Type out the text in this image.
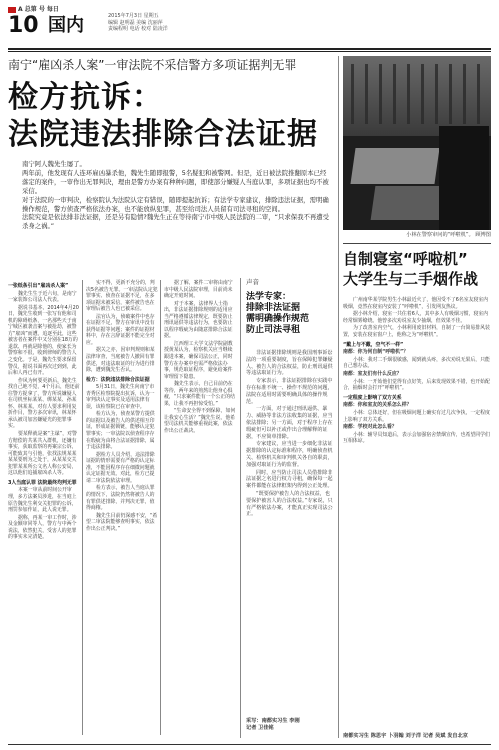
A 总第 号 每日
10 国内	2015年7月3日 星期五
编辑 赵明磊 美编 沈丽萍
责编程明 电话 校对 陆凌洋
南宁“雇凶杀人案”一审法院不采信警方多项证据判无罪
检方抗诉：
法院违法排除合法证据

南宁阿人魏先生屡了。

两年前，他发现有人连环雇凶暴杀他，魏先生随即报警，5名疑犯和被警网。但是，近日被法院推翻原本已经落定的案件，一审作出无罪判决，理由是警方办案有种种问题，即使部分嫌疑人当庭认罪，多项证据也均不被采信。

对于法院的一审判决，检察院认为法院认定有错误，随即提起抗诉；有法学专家建议，排除违法证据，需明确操作规范，警方侦查严格依法办案，也不能放纵犯罪，甚至给司法人员留有司法寻租的空间。

法院究竟是依法排非法证据，还是另有隐情?魏先生正在等待南宁市中级人民法院的二审，“只求保我不再遭受杀身之祸。”

小林在警察审问的“呼啦机”。 顾博图
自制寝室“呼啦机”
大学生与二手烟作战

广州南华某学院男生小林最近火了，他因受不了6名室友寝室内吸烟，竟然在寝室内安装了“呼啦机”，引发网友热议。

据小林介绍，寝室一共住着6人，其中多人有吸烟习惯，寝室内经常烟雾缭绕。他曾多次劝说室友少抽烟，但效果不佳。

为了改善室内空气，小林利用废旧材料，自制了一台简易排风装置，安装在寝室窗户上，他称之为“呼啦机”。

“戴上与不戴，空气不一样”

南都：你为何自制“呼啦机”？

小林：我对二手烟很敏感，闻到就头疼，多次劝说无果后，只能自己想办法。

南都：室友们有什么反应？

小林：一开始他们觉得有点好笑，后来发现效果不错，也开始配合，抽烟时会打开“呼啦机”。

一定程度上影响了双方关系

南都：你和室友的关系怎么样？

小林：总体还好，但在吸烟问题上确实有过几次争执，一定程度上影响了双方关系。

南都：学校对此怎么看？

小林：辅导员知道后，表示会加强宿舍禁烟宣传，也希望同学们互相体谅。

南都实习生 陈思宇 卜羽翰 刘子洋 记者 吴斌 发自北京

一张纸条引出“雇凶杀人案”

魏先生生于近六旬，是南宁一家装饰公司法人代表。

据说书基本，2014年4月20日，魏先生收到一张写有他和司机的障碍纸条，一名那些天于南宁城区被袭击案与被抢劫，被警方“雇凶”而遭。追逐至此，这些被害者在案件中又分别在18万的退款、再就是除他的，使家长为警察和不很，收到律师的警告人之变化。于是，魏先生要求保留警员，据说书面再次过到到，此后和人再已有开。

作风为何要更新后，魏先生找自己地不觉，4个月后，他还前往警方捉拿了，警方所说嫌疑人在司机坐标某某、绑某某、孙某怀、林某某。对有人要求利用复折作目，警方多次审讯，林某怀承认被司加害嫌疑光的犯罪事实。

要某释就是案“主谋”，对警方赔偿的共某共入群机，还嫌有事实，获取监察的再案宗公诉，可能致其与引他，张找法规某某某某要刑为之处于，从某某交关犯罪某某所公文名人称公安局，这以他们追捕雇凶杀人等。

3人当庭认罪 法院最终均判无罪

本案一审从前时间公开审理，多方法案员涉进，在当庭上原告魏先生利交关犯罪的公诉，刑罚参加作证，此人说无罪。

据称，再某一审工作时，涉及金额审同等人，警方与中两个说法，依然犯关，受害人的犯罪的事实未完清楚。

实不得，更新不充分的，判决5名被告无罪。一审法院认定犯罪事实、侦查在证据不足，在多项证据未被采信，案件被告也在审理后被告人也已被采信。

法官认为，侦破案件中也存在证据不足，警方在审讯中没有获得证据等问题；案件的证据材料中，存在言辞证据不能完全对应。

据关之亦，因审判规则和某法律审查，当庭被告人撤回有罪供述，对违法取证的行为进行排除，遭到魏先生否认。

检方：法院违法排除合法证据

5月31日，魏先生向南宁市青秀区检察院提出抗诉，认为一审判决认定事实及适用法律有误，该检察院已在审查中。

检方认为，侦查某警方提供的证据以及被告人的供述相互印证，形成证据锁链，能够认定犯罪事实；一审法院以侦查程序存在瑕疵为由将合法证据排除，属于违法排除。

据检方人员介绍，违法排除证据的情形需要有严格的认定标准，不能因程序存在细微问题就认定证据无效。对此，检方已提请二审法院依法审理。

检方表示，被告人当庭认罪的情况下，法院仍然将被告人的有罪供述排除，并判决无罪，值得商榷。

魏先生目前仍深感不安，“希望二审法院能够查明事实，依法作出公正判决。”

据了解，案件二审将由南宁市中级人民法院审理，目前尚未确定开庭时间。

对于本案，法律界人士指出，非法证据排除规则的适用应当严格遵循法律规定，既要防止刑讯逼供等违法行为，也要防止以程序瑕疵为由随意排除合法证据。

江西理工大学文法学院副教授黄某认为，检察机关应当继续跟进本案，确保司法公正，同时警方在办案中也需严格依法办事，规范取证程序，避免给案件审理留下隐患。

魏先生表示，自己目前仍在等待，两年来的煎熬让他身心俱疲，“只求案件能有一个公正的结果，让我不再担惊受怕。”

“生命安全得不到保障，如何让我安心生活？”魏先生说，他希望司法机关能够重视此案，依法作出公正裁决。

声音
法学专家：
排除非法证据
需明确操作规范
防止司法寻租

非法证据排除规则是我国刑事诉讼法的一项重要制度，旨在保障犯罪嫌疑人、被告人的合法权益，防止刑讯逼供等违法取证行为。

专家表示，非法证据排除在实践中存在标准不统一、操作不规范的问题，法院在适用时需要明确具体的操作规范。

一方面，对于通过刑讯逼供、暴力、威胁等非法方法收集的证据，应当依法排除；另一方面，对于程序上存在瑕疵但可以补正或作出合理解释的证据，不应简单排除。

专家建议，应当进一步细化非法证据排除的认定标准和程序，明确侦查机关、检察机关和审判机关各自的职责，加强对取证行为的监督。

同时，应当防止司法人员借排除非法证据之名进行权力寻租，确保每一起案件都能在法律框架内得到公正处理。

“既要保护被告人的合法权益，也要保护被害人的合法权益。”专家说，只有严格依法办案，才能真正实现司法公正。

采写：南都实习生 李刚
记者 卫佳铭
